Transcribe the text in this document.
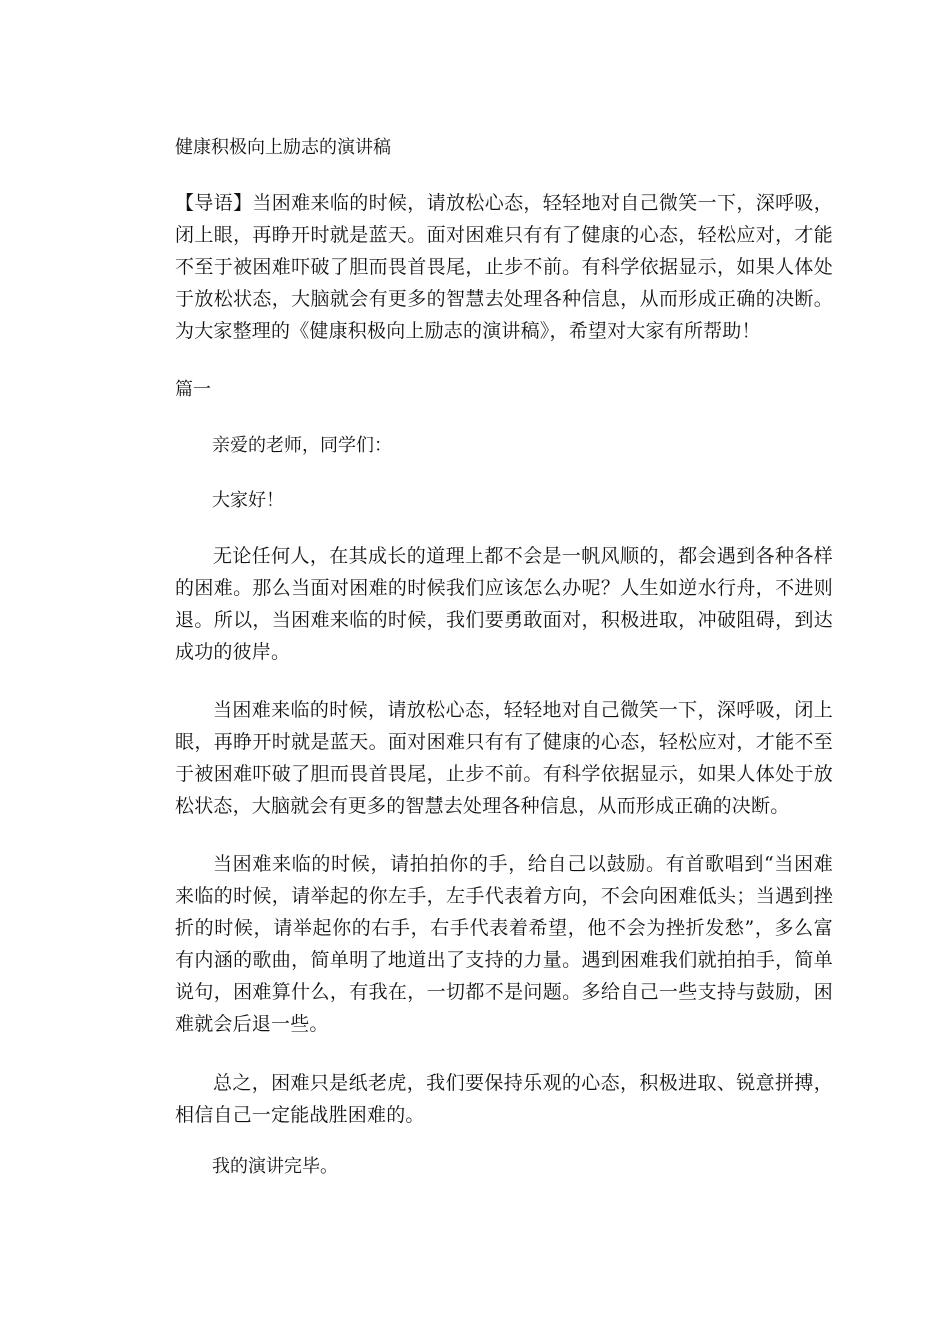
健康积极向上励志的演讲稿

【导语】当困难来临的时候，请放松心态，轻轻地对自己微笑一下，深呼吸，闭上眼，再睁开时就是蓝天。面对困难只有有了健康的心态，轻松应对，才能不至于被困难吓破了胆而畏首畏尾，止步不前。有科学依据显示，如果人体处于放松状态，大脑就会有更多的智慧去处理各种信息，从而形成正确的决断。为大家整理的《健康积极向上励志的演讲稿》，希望对大家有所帮助！

篇一
亲爱的老师，同学们：
大家好！

无论任何人，在其成长的道理上都不会是一帆风顺的，都会遇到各种各样的困难。那么当面对困难的时候我们应该怎么办呢？人生如逆水行舟，不进则退。所以，当困难来临的时候，我们要勇敢面对，积极进取，冲破阻碍，到达成功的彼岸。

当困难来临的时候，请放松心态，轻轻地对自己微笑一下，深呼吸，闭上眼，再睁开时就是蓝天。面对困难只有有了健康的心态，轻松应对，才能不至于被困难吓破了胆而畏首畏尾，止步不前。有科学依据显示，如果人体处于放松状态，大脑就会有更多的智慧去处理各种信息，从而形成正确的决断。

当困难来临的时候，请拍拍你的手，给自己以鼓励。有首歌唱到“当困难来临的时候，请举起的你左手，左手代表着方向，不会向困难低头；当遇到挫折的时候，请举起你的右手，右手代表着希望，他不会为挫折发愁”，多么富有内涵的歌曲，简单明了地道出了支持的力量。遇到困难我们就拍拍手，简单说句，困难算什么，有我在，一切都不是问题。多给自己一些支持与鼓励，困难就会后退一些。

总之，困难只是纸老虎，我们要保持乐观的心态，积极进取、锐意拼搏，相信自己一定能战胜困难的。

我的演讲完毕。
